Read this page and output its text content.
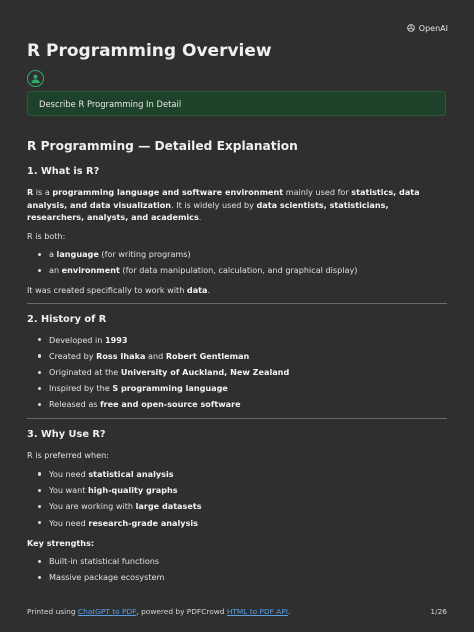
OpenAI
R Programming Overview
Describe R Programming In Detail
R Programming — Detailed Explanation
1. What is R?

R is a programming language and software environment mainly used for statistics, data analysis, and data visualization. It is widely used by data scientists, statisticians, researchers, analysts, and academics.

R is both:

a language (for writing programs)
an environment (for data manipulation, calculation, and graphical display)

It was created specifically to work with data.

2. History of R
Developed in 1993
Created by Ross Ihaka and Robert Gentleman
Originated at the University of Auckland, New Zealand
Inspired by the S programming language
Released as free and open-source software
3. Why Use R?

R is preferred when:

You need statistical analysis
You want high-quality graphs
You are working with large datasets
You need research-grade analysis

Key strengths:

Built-in statistical functions
Massive package ecosystem
Printed using ChatGPT to PDF, powered by PDFCrowd HTML to PDF API.	1/26
